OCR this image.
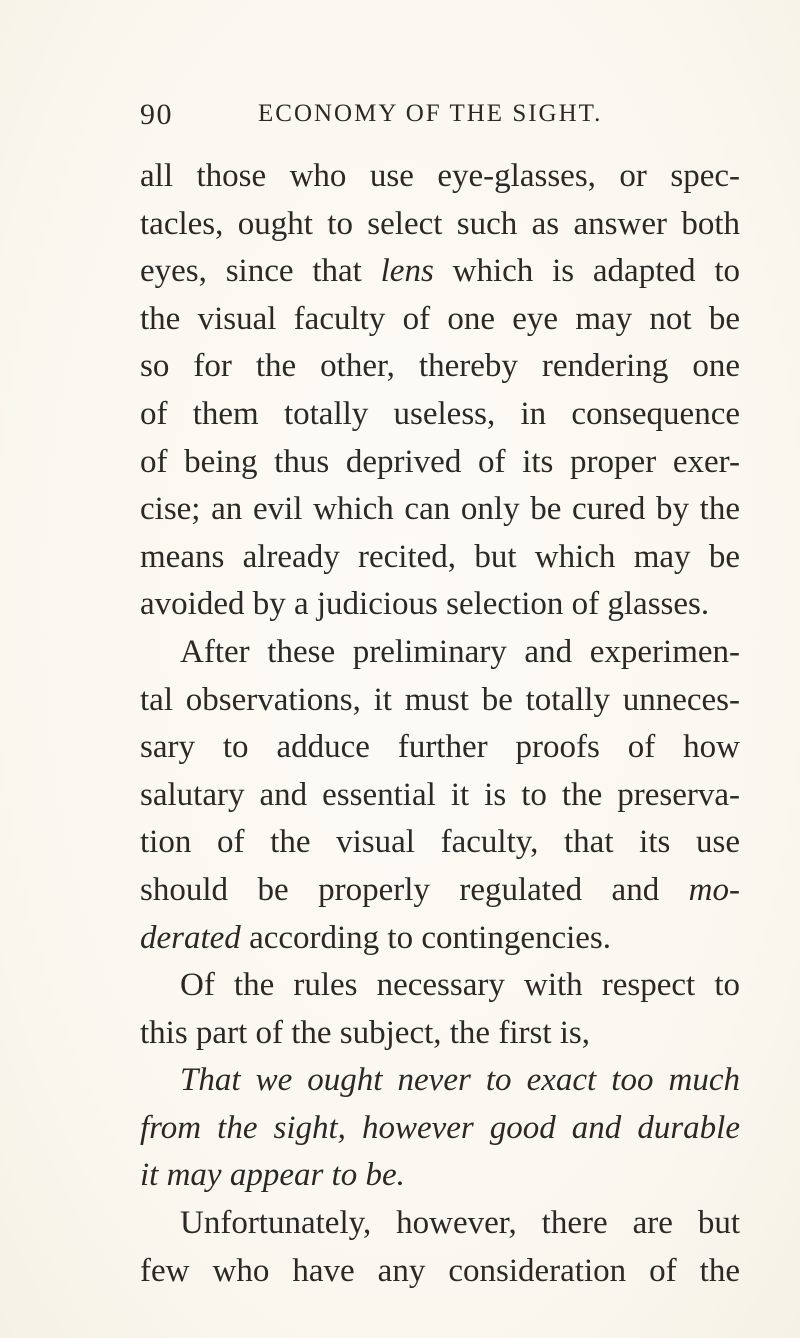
90	ECONOMY OF THE SIGHT.
all those who use eye-glasses, or spec-
tacles, ought to select such as answer both
eyes, since that lens which is adapted to
the visual faculty of one eye may not be
so for the other, thereby rendering one
of them totally useless, in consequence
of being thus deprived of its proper exer-
cise; an evil which can only be cured by the
means already recited, but which may be
avoided by a judicious selection of glasses.
After these preliminary and experimen-
tal observations, it must be totally unneces-
sary to adduce further proofs of how
salutary and essential it is to the preserva-
tion of the visual faculty, that its use
should be properly regulated and mo-
derated according to contingencies.
Of the rules necessary with respect to
this part of the subject, the first is,
That we ought never to exact too much
from the sight, however good and durable
it may appear to be.
Unfortunately, however, there are but
few who have any consideration of the
